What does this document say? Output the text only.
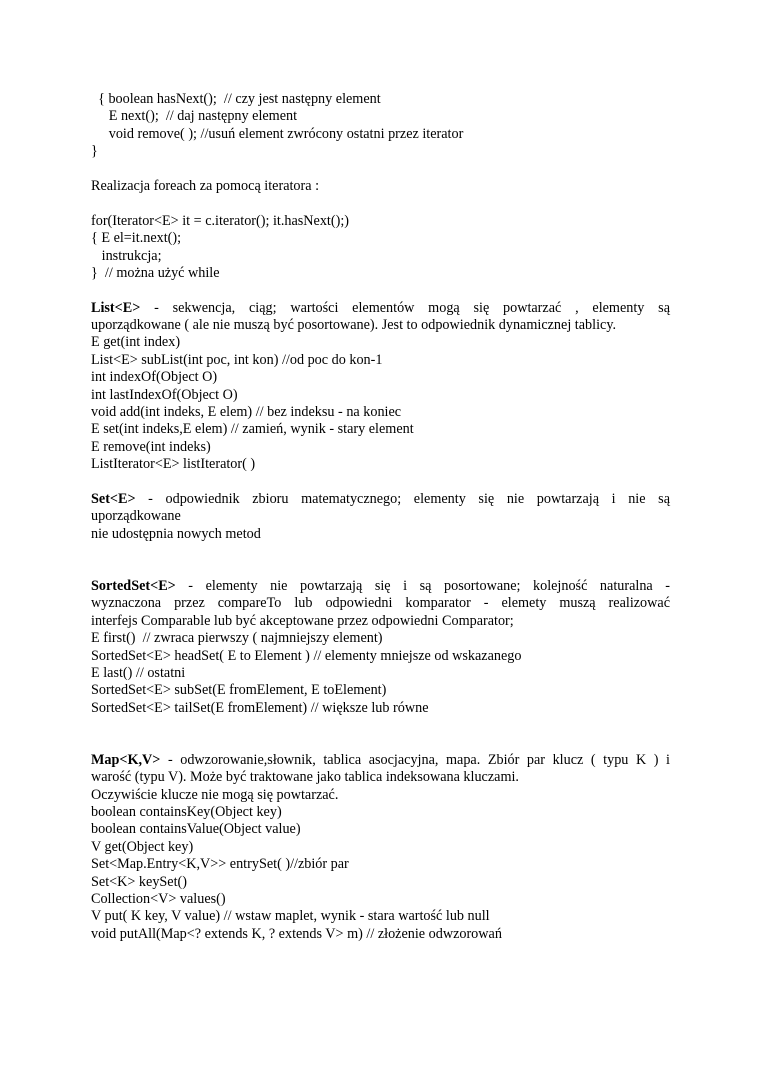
{ boolean hasNext();  // czy jest następny element
E next();  // daj następny element
void remove( ); //usuń element zwrócony ostatni przez iterator
}
Realizacja foreach za pomocą iteratora :
for(Iterator<E> it = c.iterator(); it.hasNext();)
{ E el=it.next();
instrukcja;
}  // można użyć while
List<E> - sekwencja, ciąg; wartości elementów mogą się powtarzać , elementy są
uporządkowane ( ale nie muszą być posortowane). Jest to odpowiednik dynamicznej tablicy.
E get(int index)
List<E> subList(int poc, int kon) //od poc do kon-1
int indexOf(Object O)
int lastIndexOf(Object O)
void add(int indeks, E elem) // bez indeksu - na koniec
E set(int indeks,E elem) // zamień, wynik - stary element
E remove(int indeks)
ListIterator<E> listIterator( )
Set<E> - odpowiednik zbioru matematycznego; elementy się nie powtarzają i nie są
uporządkowane
nie udostępnia nowych metod
SortedSet<E> - elementy nie powtarzają się i są posortowane; kolejność naturalna -
wyznaczona przez compareTo lub odpowiedni komparator - elemety muszą realizować
interfejs Comparable lub być akceptowane przez odpowiedni Comparator;
E first()  // zwraca pierwszy ( najmniejszy element)
SortedSet<E> headSet( E to Element ) // elementy mniejsze od wskazanego
E last() // ostatni
SortedSet<E> subSet(E fromElement, E toElement)
SortedSet<E> tailSet(E fromElement) // większe lub równe
Map<K,V> - odwzorowanie,słownik, tablica asocjacyjna, mapa. Zbiór par klucz ( typu K ) i
warość (typu V). Może być traktowane jako tablica indeksowana kluczami.
Oczywiście klucze nie mogą się powtarzać.
boolean containsKey(Object key)
boolean containsValue(Object value)
V get(Object key)
Set<Map.Entry<K,V>> entrySet( )//zbiór par
Set<K> keySet()
Collection<V> values()
V put( K key, V value) // wstaw maplet, wynik - stara wartość lub null
void putAll(Map<? extends K, ? extends V> m) // złożenie odwzorowań
